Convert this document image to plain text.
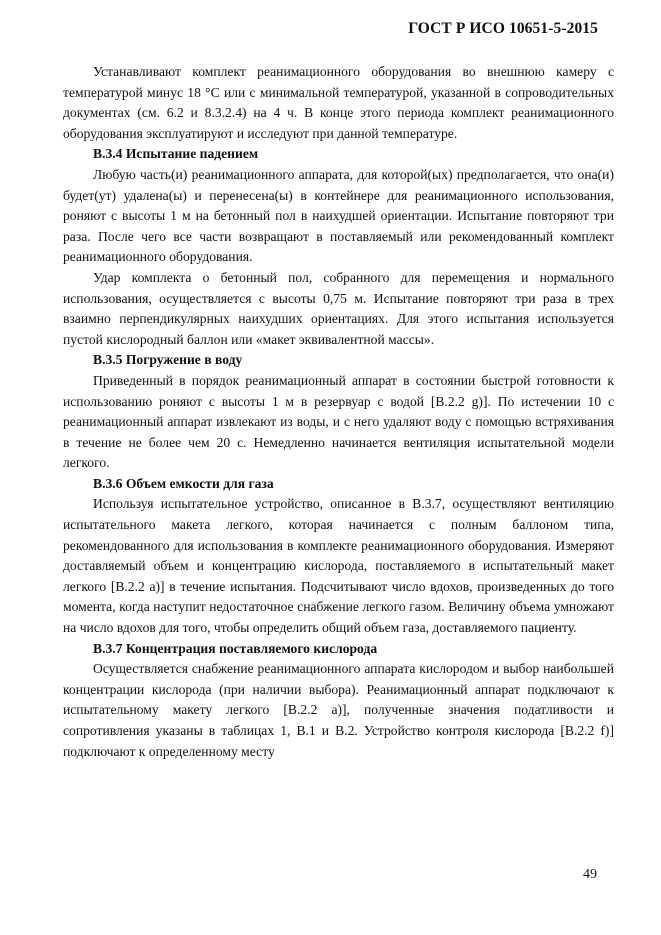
ГОСТ Р ИСО 10651-5-2015

Устанавливают комплект реанимационного оборудования во внешнюю камеру с температурой минус 18 °С или с минимальной температурой, указанной в сопроводительных документах (см. 6.2 и 8.3.2.4) на 4 ч. В конце этого периода комплект реанимационного оборудования эксплуатируют и исследуют при данной температуре.

В.3.4 Испытание падением

Любую часть(и) реанимационного аппарата, для которой(ых) предполагается, что она(и) будет(ут) удалена(ы) и перенесена(ы) в контейнере для реанимационного использования, роняют с высоты 1 м на бетонный пол в наихудшей ориентации. Испытание повторяют три раза. После чего все части возвращают в поставляемый или рекомендованный комплект реанимационного оборудования.

Удар комплекта о бетонный пол, собранного для перемещения и нормального использования, осуществляется с высоты 0,75 м. Испытание повторяют три раза в трех взаимно перпендикулярных наихудших ориентациях. Для этого испытания используется пустой кислородный баллон или «макет эквивалентной массы».

В.3.5 Погружение в воду

Приведенный в порядок реанимационный аппарат в состоянии быстрой готовности к использованию роняют с высоты 1 м в резервуар с водой [В.2.2 g)]. По истечении 10 с реанимационный аппарат извлекают из воды, и с него удаляют воду с помощью встряхивания в течение не более чем 20 с. Немедленно начинается вентиляция испытательной модели легкого.

В.3.6 Объем емкости для газа

Используя испытательное устройство, описанное в В.3.7, осуществляют вентиляцию испытательного макета легкого, которая начинается с полным баллоном типа, рекомендованного для использования в комплекте реанимационного оборудования. Измеряют доставляемый объем и концентрацию кислорода, поставляемого в испытательный макет легкого [В.2.2 а)] в течение испытания. Подсчитывают число вдохов, произведенных до того момента, когда наступит недостаточное снабжение легкого газом. Величину объема умножают на число вдохов для того, чтобы определить общий объем газа, доставляемого пациенту.

В.3.7 Концентрация поставляемого кислорода

Осуществляется снабжение реанимационного аппарата кислородом и выбор наибольшей концентрации кислорода (при наличии выбора). Реанимационный аппарат подключают к испытательному макету легкого [В.2.2 а)], полученные значения податливости и сопротивления указаны в таблицах 1, В.1 и В.2. Устройство контроля кислорода [В.2.2 f)] подключают к определенному месту

49
